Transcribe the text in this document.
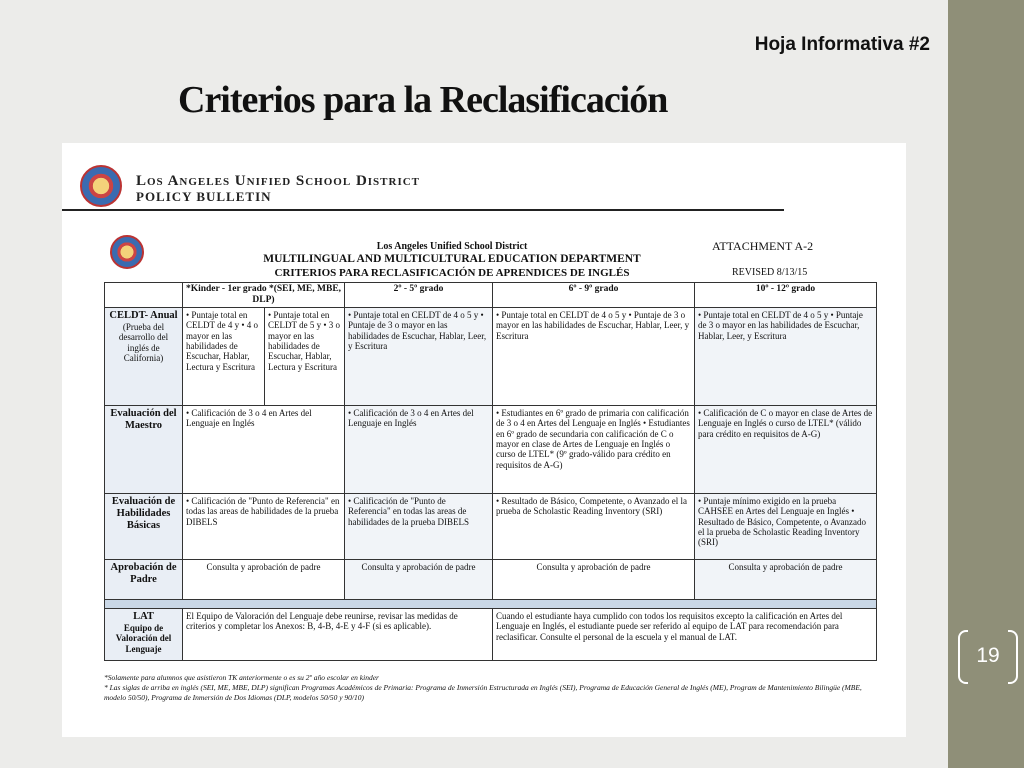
Hoja Informativa #2
Criterios para la Reclasificación
19
Los Angeles Unified School District
POLICY BULLETIN
Los Angeles Unified School District
MULTILINGUAL AND MULTICULTURAL EDUCATION DEPARTMENT
CRITERIOS PARA RECLASIFICACIÓN DE APRENDICES DE INGLÉS
ATTACHMENT A-2
REVISED 8/13/15
	*Kinder - 1er grado *(SEI, ME, MBE, DLP)		2º - 5º grado	6º - 9º grado	10º - 12º grado

CELDT- Anual
(Prueba del desarrollo del inglés de California)	• Puntaje total en CELDT de 4 y • 4 o mayor en las habilidades de Escuchar, Hablar, Lectura y Escritura	• Puntaje total en CELDT de 5 y • 3 o mayor en las habilidades de Escuchar, Hablar, Lectura y Escritura	• Puntaje total en CELDT de 4 o 5 y • Puntaje de 3 o mayor en las habilidades de Escuchar, Hablar, Leer, y Escritura	• Puntaje total en CELDT de 4 o 5 y • Puntaje de 3 o mayor en las habilidades de Escuchar, Hablar, Leer, y Escritura	• Puntaje total en CELDT de 4 o 5 y • Puntaje de 3 o mayor en las habilidades de Escuchar, Hablar, Leer, y Escritura
Evaluación del Maestro	• Calificación de 3 o 4 en Artes del Lenguaje en Inglés		• Calificación de 3 o 4 en Artes del Lenguaje en Inglés	• Estudiantes en 6º grado de primaria con calificación de 3 o 4 en Artes del Lenguaje en Inglés • Estudiantes en 6º grado de secundaria con calificación de C o mayor en clase de Artes de Lenguaje en Inglés o curso de LTEL* (9º grado-válido para crédito en requisitos de A-G)	• Calificación de C o mayor en clase de Artes de Lenguaje en Inglés o curso de LTEL* (válido para crédito en requisitos de A-G)
Evaluación de Habilidades Básicas	• Calificación de "Punto de Referencia" en todas las areas de habilidades de la prueba DIBELS		• Calificación de "Punto de Referencia" en todas las areas de habilidades de la prueba DIBELS	• Resultado de Básico, Competente, o Avanzado el la prueba de Scholastic Reading Inventory (SRI)	• Puntaje mínimo exigido en la prueba CAHSEE en Artes del Lenguaje en Inglés • Resultado de Básico, Competente, o Avanzado el la prueba de Scholastic Reading Inventory (SRI)
Aprobación de Padre	Consulta y aprobación de padre		Consulta y aprobación de padre	Consulta y aprobación de padre	Consulta y aprobación de padre

LAT
Equipo de Valoración del Lenguaje	El Equipo de Valoración del Lenguaje debe reunirse, revisar las medidas de criterios y completar los Anexos: B, 4-B, 4-E y 4-F (si es aplicable).			Cuando el estudiante haya cumplido con todos los requisitos excepto la calificación en Artes del Lenguaje en Inglés, el estudiante puede ser referido al equipo de LAT para recomendación para reclasificar. Consulte el personal de la escuela y el manual de LAT.	
*Solamente para alumnos que asistieron TK anteriormente o es su 2º año escolar en kinder
* Las siglas de arriba en inglés (SEI, ME, MBE, DLP) significan Programas Académicos de Primaria: Programa de Inmersión Estructurada en Inglés (SEI), Programa de Educación General de Inglés (ME), Program de Mantenimiento Bilingüe (MBE, modelo 50/50), Programa de Inmersión de Dos Idiomas (DLP, modelos 50/50 y 90/10)
